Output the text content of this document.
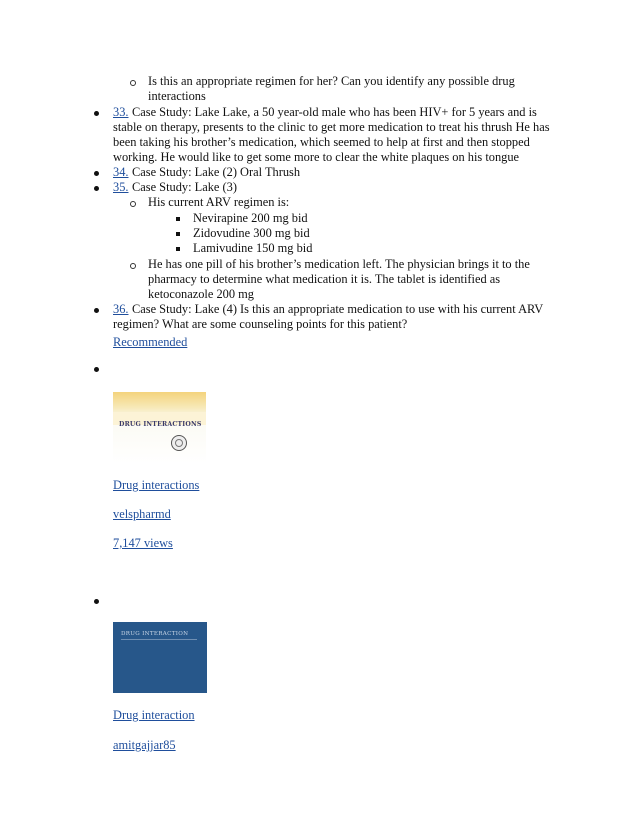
Is this an appropriate regimen for her? Can you identify any possible drug
interactions
33. Case Study: Lake Lake, a 50 year-old male who has been HIV+ for 5 years and is
stable on therapy, presents to the clinic to get more medication to treat his thrush He has
been taking his brother’s medication, which seemed to help at first and then stopped
working. He would like to get some more to clear the white plaques on his tongue
34. Case Study: Lake (2) Oral Thrush
35. Case Study: Lake (3)
His current ARV regimen is:
Nevirapine 200 mg bid
Zidovudine 300 mg bid
Lamivudine 150 mg bid
He has one pill of his brother’s medication left. The physician brings it to the
pharmacy to determine what medication it is. The tablet is identified as
ketoconazole 200 mg
36. Case Study: Lake (4) Is this an appropriate medication to use with his current ARV
regimen? What are some counseling points for this patient?
Recommended
DRUG INTERACTIONS
Drug interactions
velspharmd
7,147 views
DRUG INTERACTION
Drug interaction
amitgajjar85
